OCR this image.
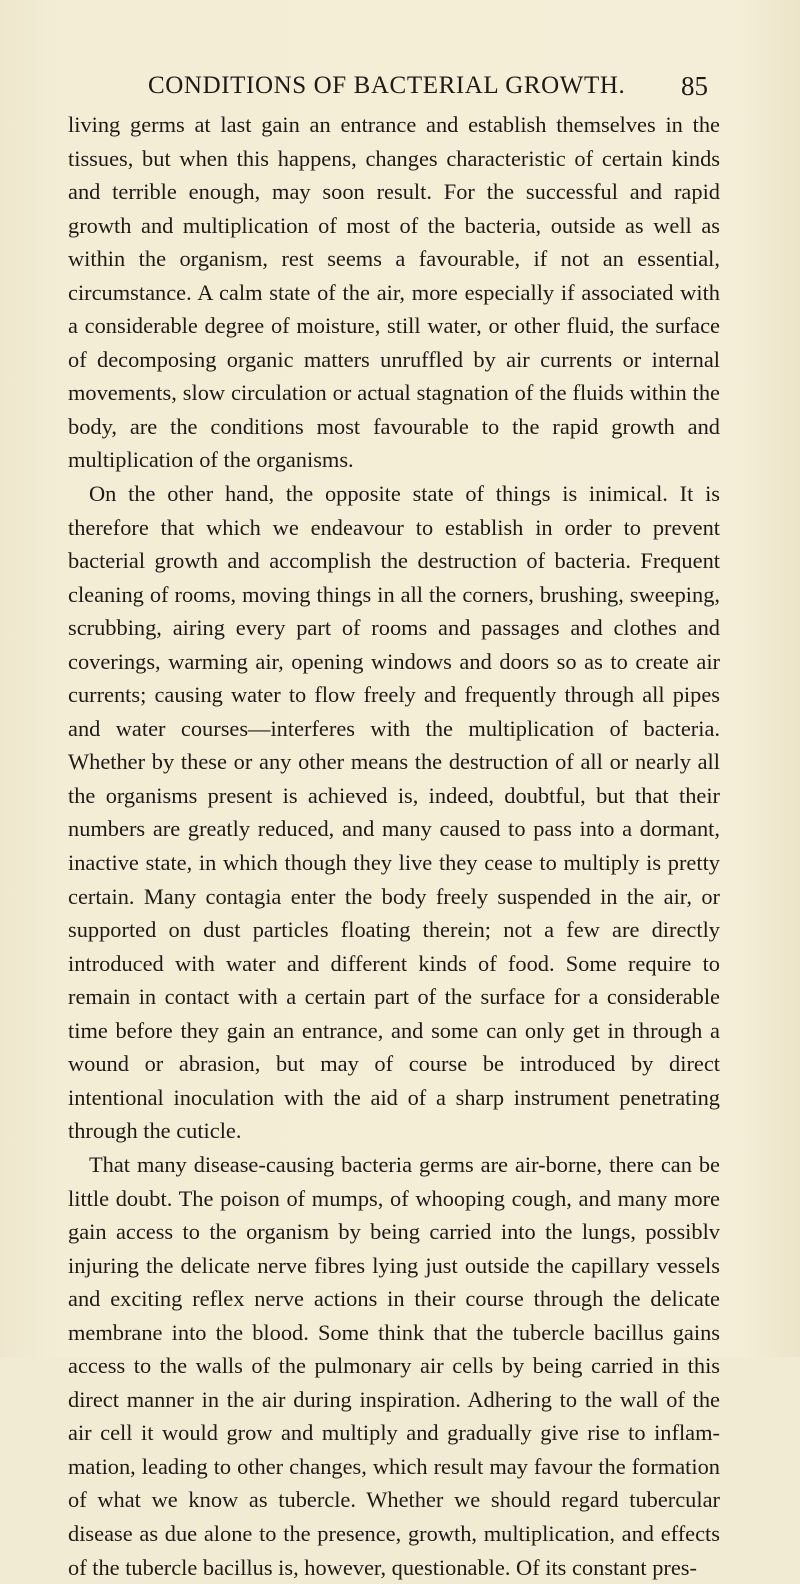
CONDITIONS OF BACTERIAL GROWTH. 85

living germs at last gain an entrance and establish themselves in the tissues, but when this happens, changes characteristic of certain kinds and terrible enough, may soon result. For the successful and rapid growth and multiplication of most of the bacteria, outside as well as within the organism, rest seems a favourable, if not an essential, circumstance. A calm state of the air, more especially if associated with a considerable degree of moisture, still water, or other fluid, the surface of decomposing organic matters unruffled by air currents or internal movements, slow circulation or actual stagnation of the fluids within the body, are the conditions most favourable to the rapid growth and multiplication of the organisms.

On the other hand, the opposite state of things is inimical. It is therefore that which we endeavour to establish in order to prevent bacterial growth and accomplish the destruction of bacteria. Frequent cleaning of rooms, moving things in all the corners, brushing, sweeping, scrubbing, airing every part of rooms and passages and clothes and coverings, warming air, opening windows and doors so as to create air currents; causing water to flow freely and frequently through all pipes and water courses—interferes with the multiplication of bacteria. Whether by these or any other means the destruction of all or nearly all the organisms present is achieved is, indeed, doubtful, but that their numbers are greatly reduced, and many caused to pass into a dormant, inactive state, in which though they live they cease to multiply is pretty certain. Many contagia enter the body freely suspended in the air, or supported on dust particles floating therein; not a few are directly introduced with water and different kinds of food. Some require to remain in contact with a certain part of the surface for a considerable time before they gain an entrance, and some can only get in through a wound or abrasion, but may of course be introduced by direct intentional inoculation with the aid of a sharp instrument penetrating through the cuticle.

That many disease-causing bacteria germs are air-borne, there can be little doubt. The poison of mumps, of whooping cough, and many more gain access to the organism by being carried into the lungs, possiblv injuring the delicate nerve fibres lying just outside the capillary vessels and exciting reflex nerve actions in their course through the delicate membrane into the blood. Some think that the tubercle bacillus gains access to the walls of the pulmonary air cells by being carried in this direct manner in the air during inspiration. Adhering to the wall of the air cell it would grow and multiply and gradually give rise to inflammation, leading to other changes, which result may favour the formation of what we know as tubercle. Whether we should regard tubercular disease as due alone to the presence, growth, multiplication, and effects of the tubercle bacillus is, however, questionable. Of its constant pres-
